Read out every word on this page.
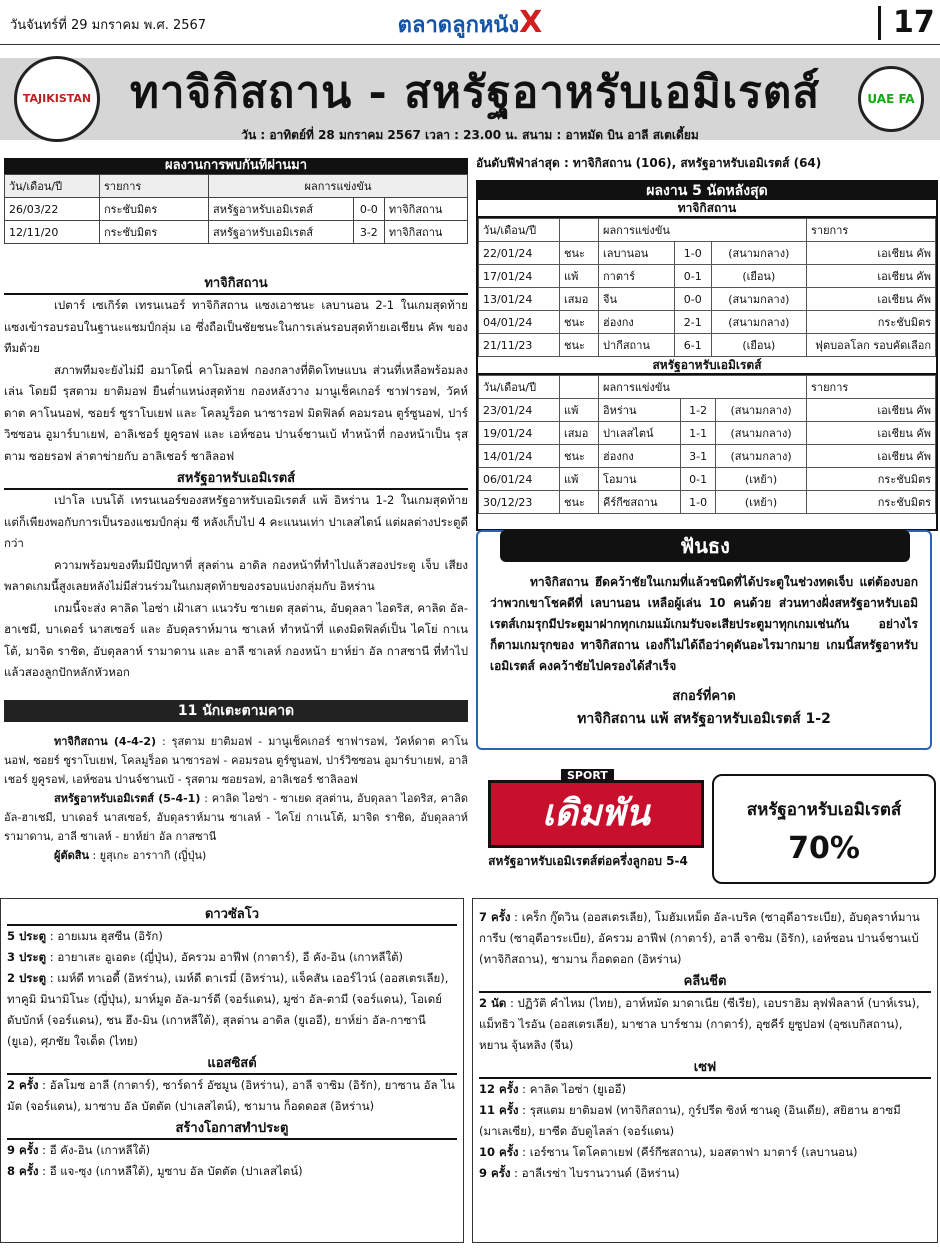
วันจันทร์ที่ 29 มกราคม พ.ศ. 2567	ตลาดลูกหนังX	17
TAJIKISTAN ทาจิกิสถาน - สหรัฐอาหรับเอมิเรตส์	UAE FA
วัน : อาทิตย์ที่ 28 มกราคม 2567 เวลา : 23.00 น. สนาม : อาหมัด บิน อาลี สเตเดี้ยม
ผลงานการพบกันที่ผ่านมา
วัน/เดือน/ปี	รายการ	ผลการแข่งขัน		
26/03/22	กระชับมิตร	สหรัฐอาหรับเอมิเรตส์	0-0	ทาจิกิสถาน
12/11/20	กระชับมิตร	สหรัฐอาหรับเอมิเรตส์	3-2	ทาจิกิสถาน
ทาจิกิสถาน
เปตาร์ เซเกิร์ต เทรนเนอร์ ทาจิกิสถาน แซงเอาชนะ เลบานอน 2-1 ในเกมสุดท้าย แซงเข้ารอบรอบในฐานะแชมป์กลุ่ม เอ ซึ่งถือเป็นชัยชนะในการเล่นรอบสุดท้ายเอเชียน คัพ ของทีมด้วย
สภาพทีมจะยังไม่มี อมาโดนี่ คาโมลอฟ กองกลางที่ติดโทษแบน ส่วนที่เหลือพร้อมลงเล่น โดยมี รุสตาม ยาติมอฟ ยืนต่ำแหน่งสุดท้าย กองหลังวาง มานูเช็คเกอร์ ซาฟารอฟ, วัคห์ดาต คาโนนอฟ, ซอยร์ ซูราโบเยฟ และ โคลมูร็อด นาซารอฟ มิดฟิลด์ คอมรอน ตูร์ซูนอฟ, ปาร์วิซซอน อูมาร์บาเยฟ, อาลิเชอร์ ยูคูรอฟ และ เอห์ซอน ปานจ์ชานเบ้ ทำหน้าที่ กองหน้าเป็น รุสตาม ซอยรอฟ ล่าตาข่ายกับ อาลิเชอร์ ชาลิลอฟ
สหรัฐอาหรับเอมิเรตส์
เปาโล เบนโต้ เทรนเนอร์ของสหรัฐอาหรับเอมิเรตส์ แพ้ อิหร่าน 1-2 ในเกมสุดท้าย แต่ก็เพียงพอกับการเป็นรองแชมป์กลุ่ม ซี หลังเก็บไป 4 คะแนนเท่า ปาเลสไตน์ แต่ผลต่างประตูดีกว่า
ความพร้อมของทีมมีปัญหาที่ สุลต่าน อาดิล กองหน้าที่ทำไปแล้วสองประตู เจ็บ เสียงพลาดเกมนี้สูงเลยหลังไม่มีส่วนร่วมในเกมสุดท้ายของรอบแบ่งกลุ่มกับ อิหร่าน
เกมนี้จะส่ง คาลิด ไอซ่า เฝ้าเสา แนวรับ ซาเยด สุลต่าน, อับดุลลา ไอดริส, คาลิด อัล-ฮาเชมี, บาเดอร์ นาสเซอร์ และ อับดุลราห์มาน ซาเลห์ ทำหน้าที่ แดงมิดฟิลด์เป็น ไคโย่ กาเนโต้, มาจิด ราชิด, อับดุลลาห์ รามาดาน และ อาลี ซาเลห์ กองหน้า ยาห์ย่า อัล กาสซานี ที่ทำไปแล้วสองลูกปักหลักหัวหอก
11 นักเตะตามคาด
ทาจิกิสถาน (4-4-2) : รุสตาม ยาติมอฟ - มานูเช็คเกอร์ ซาฟารอฟ, วัคห์ดาต คาโนนอฟ, ซอยร์ ซูราโบเยฟ, โคลมูร็อด นาซารอฟ - คอมรอน ตูร์ซูนอฟ, ปาร์วิซซอน อูมาร์บาเยฟ, อาลิเชอร์ ยูคูรอฟ, เอห์ซอน ปานจ์ชานเบ้ - รุสตาม ซอยรอฟ, อาลิเชอร์ ชาลิลอฟ
สหรัฐอาหรับเอมิเรตส์ (5-4-1) : คาลิด ไอซ่า - ซาเยด สุลต่าน, อับดุลลา ไอดริส, คาลิด อัล-ฮาเชมี, บาเดอร์ นาสเซอร์, อับดุลราห์มาน ซาเลห์ - ไคโย่ กาเนโต้, มาจิด ราชิด, อับดุลลาห์ รามาดาน, อาลี ซาเลห์ - ยาห์ย่า อัล กาสซานี
ผู้ตัดสิน : ยูสุเกะ อาราากิ (ญี่ปุ่น)
อันดับฟีฟ่าล่าสุด : ทาจิกิสถาน (106), สหรัฐอาหรับเอมิเรตส์ (64)
ผลงาน 5 นัดหลังสุด
ทาจิกิสถาน
วัน/เดือน/ปี		ผลการแข่งขัน			รายการ
22/01/24	ชนะ	เลบานอน	1-0	(สนามกลาง)	เอเชียน คัพ
17/01/24	แพ้	กาตาร์	0-1	(เยือน)	เอเชียน คัพ
13/01/24	เสมอ	จีน	0-0	(สนามกลาง)	เอเชียน คัพ
04/01/24	ชนะ	ฮ่องกง	2-1	(สนามกลาง)	กระชับมิตร
21/11/23	ชนะ	ปากีสถาน	6-1	(เยือน)	ฟุตบอลโลก รอบคัดเลือก
สหรัฐอาหรับเอมิเรตส์
วัน/เดือน/ปี		ผลการแข่งขัน			รายการ
23/01/24	แพ้	อิหร่าน	1-2	(สนามกลาง)	เอเชียน คัพ
19/01/24	เสมอ	ปาเลสไตน์	1-1	(สนามกลาง)	เอเชียน คัพ
14/01/24	ชนะ	ฮ่องกง	3-1	(สนามกลาง)	เอเชียน คัพ
06/01/24	แพ้	โอมาน	0-1	(เหย้า)	กระชับมิตร
30/12/23	ชนะ	คีร์กีซสถาน	1-0	(เหย้า)	กระชับมิตร
ฟันธง
ทาจิกิสถาน ฮึดคว้าชัยในเกมที่แล้วชนิดที่ได้ประตูในช่วงทดเจ็บ แต่ต้องบอกว่าพวกเขาโชคดีที่ เลบานอน เหลือผู้เล่น 10 คนด้วย ส่วนทางฝั่งสหรัฐอาหรับเอมิเรตส์เกมรุกมีประตูมาฝากทุกเกมแม้เกมรับจะเสียประตูมาทุกเกมเช่นกัน อย่างไรก็ตามเกมรุกของ ทาจิกิสถาน เองก็ไม่ได้ถือว่าดุดันอะไรมากมาย เกมนี้สหรัฐอาหรับเอมิเรตส์ คงคว้าชัยไปครองได้สำเร็จ
สกอร์ที่คาด
ทาจิกิสถาน แพ้ สหรัฐอาหรับเอมิเรตส์ 1-2
SPORT
เดิมพัน
สหรัฐอาหรับเอมิเรตส์ต่อครึ่งลูกอบ 5-4
สหรัฐอาหรับเอมิเรตส์
70%
ดาวซัลโว
5 ประตู : อายเมน ฮุสซีน (อิรัก)
3 ประตู : อายาเสะ อูเอดะ (ญี่ปุ่น), อัครวม อาฟีฟ (กาตาร์), อี คัง-อิน (เกาหลีใต้)
2 ประตู : เมห์ดี ทาเอดี้ (อิหร่าน), เมห์ดี ตาเรมี่ (อิหร่าน), แจ็คสัน เออร์ไวน์ (ออสเตรเลีย), ทาคูมิ มินามิโนะ (ญี่ปุ่น), มาห์มูด อัล-มาร์ดี (จอร์แดน), มูซ่า อัล-ตามี (จอร์แดน), โอเดย์ ดับบักห์ (จอร์แดน), ชน ฮึง-มิน (เกาหลีใต้), สุลต่าน อาดิล (ยูเออี), ยาห์ย่า อัล-กาซานี (ยูเอ), ศุภชัย ใจเด็ด (ไทย)
แอสซิสต์
2 ครั้ง : อัลโมซ อาลี (กาตาร์), ซาร์ดาร์ อัซมูน (อิหร่าน), อาลี จาซิม (อิรัก), ยาซาน อัล ไนมัต (จอร์แดน), มาซาบ อัล บัตตัต (ปาเลสไตน์), ชามาน ก็อดดอส (อิหร่าน)
สร้างโอกาสทำประตู
9 ครั้ง : อี คัง-อิน (เกาหลีใต้)
8 ครั้ง : อี แจ-ซุง (เกาหลีใต้), มูซาบ อัล บัตตัต (ปาเลสไตน์)
7 ครั้ง : เคร็ก กู๊ดวิน (ออสเตรเลีย), โมฮัมเหม็ด อัล-เบริค (ซาอุดีอาระเบีย), อับดุลราห์มาน การีบ (ซาอุดีอาระเบีย), อัครวม อาฟีฟ (กาตาร์), อาลี จาซิม (อิรัก), เอห์ซอน ปานจ์ชานเบ้ (ทาจิกิสถาน), ชามาน ก็อดดอก (อิหร่าน)
คลีนชีต
2 นัด : ปฏิวัติ คำไหม (ไทย), อาห์หมัด มาดาเนีย (ซีเรีย), เอบราฮิม ลุฟฟ์ลลาห์ (บาห์เรน), แม็ทธิว ไรอัน (ออสเตรเลีย), มาชาล บาร์ชาม (กาตาร์), อุซคีร์ ยูซูปอฟ (อุซเบกิสถาน), หยาน จุ้นหลิง (จีน)
เซฟ
12 ครั้ง : คาลิด ไอซ่า (ยูเออี)
11 ครั้ง : รุสแตม ยาติมอฟ (ทาจิกิสถาน), กูร์ปรีต ซิงห์ ซานดู (อินเดีย), สยิฮาน ฮาซมี (มาเลเซีย), ยาซีด อับดูไลล่า (จอร์แดน)
10 ครั้ง : เอร์ซาน โตโคตาเยฟ (คีร์กีซสถาน), มอสตาฟา มาตาร์ (เลบานอน)
9 ครั้ง : อาลีเรซ่า ไบรานวานด์ (อิหร่าน)
